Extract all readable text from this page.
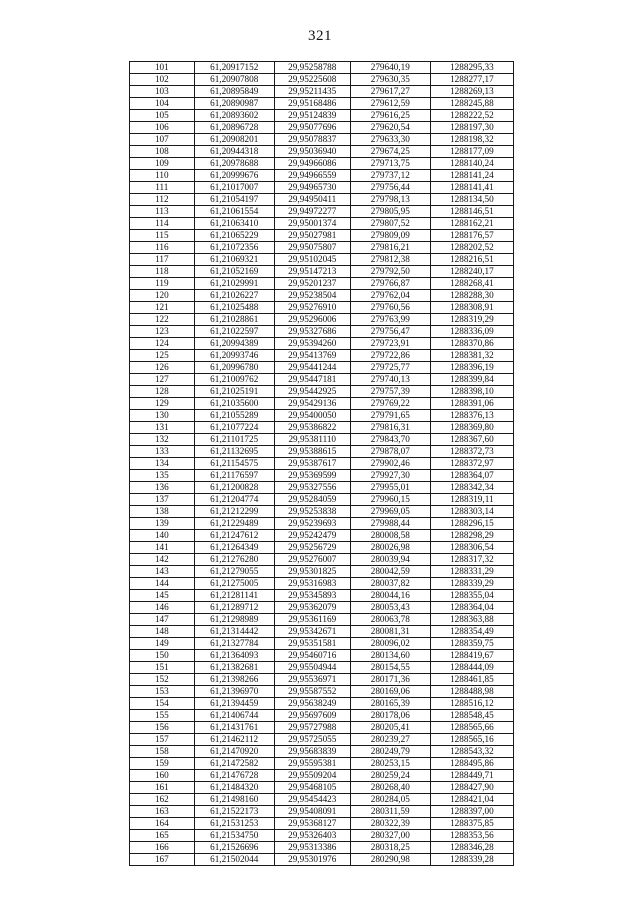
321
101	61,20917152	29,95258788	279640,19	1288295,33
102	61,20907808	29,95225608	279630,35	1288277,17
103	61,20895849	29,95211435	279617,27	1288269,13
104	61,20890987	29,95168486	279612,59	1288245,88
105	61,20893602	29,95124839	279616,25	1288222,52
106	61,20896728	29,95077696	279620,54	1288197,30
107	61,20908201	29,95078837	279633,30	1288198,32
108	61,20944318	29,95036940	279674,25	1288177,09
109	61,20978688	29,94966086	279713,75	1288140,24
110	61,20999676	29,94966559	279737,12	1288141,24
111	61,21017007	29,94965730	279756,44	1288141,41
112	61,21054197	29,94950411	279798,13	1288134,50
113	61,21061554	29,94972277	279805,95	1288146,51
114	61,21063410	29,95001374	279807,52	1288162,21
115	61,21065229	29,95027981	279809,09	1288176,57
116	61,21072356	29,95075807	279816,21	1288202,52
117	61,21069321	29,95102045	279812,38	1288216,51
118	61,21052169	29,95147213	279792,50	1288240,17
119	61,21029991	29,95201237	279766,87	1288268,41
120	61,21026227	29,95238504	279762,04	1288288,30
121	61,21025488	29,95276910	279760,56	1288308,91
122	61,21028861	29,95296006	279763,99	1288319,29
123	61,21022597	29,95327686	279756,47	1288336,09
124	61,20994389	29,95394260	279723,91	1288370,86
125	61,20993746	29,95413769	279722,86	1288381,32
126	61,20996780	29,95441244	279725,77	1288396,19
127	61,21009762	29,95447181	279740,13	1288399,84
128	61,21025191	29,95442925	279757,39	1288398,10
129	61,21035600	29,95429136	279769,22	1288391,06
130	61,21055289	29,95400050	279791,65	1288376,13
131	61,21077224	29,95386822	279816,31	1288369,80
132	61,21101725	29,95381110	279843,70	1288367,60
133	61,21132695	29,95388615	279878,07	1288372,73
134	61,21154575	29,95387617	279902,46	1288372,97
135	61,21176597	29,95369599	279927,30	1288364,07
136	61,21200828	29,95327556	279955,01	1288342,34
137	61,21204774	29,95284059	279960,15	1288319,11
138	61,21212299	29,95253838	279969,05	1288303,14
139	61,21229489	29,95239693	279988,44	1288296,15
140	61,21247612	29,95242479	280008,58	1288298,29
141	61,21264349	29,95256729	280026,98	1288306,54
142	61,21276280	29,95276007	280039,94	1288317,32
143	61,21279055	29,95301825	280042,59	1288331,29
144	61,21275005	29,95316983	280037,82	1288339,29
145	61,21281141	29,95345893	280044,16	1288355,04
146	61,21289712	29,95362079	280053,43	1288364,04
147	61,21298989	29,95361169	280063,78	1288363,88
148	61,21314442	29,95342671	280081,31	1288354,49
149	61,21327784	29,95351581	280096,02	1288359,75
150	61,21364093	29,95460716	280134,60	1288419,67
151	61,21382681	29,95504944	280154,55	1288444,09
152	61,21398266	29,95536971	280171,36	1288461,85
153	61,21396970	29,95587552	280169,06	1288488,98
154	61,21394459	29,95638249	280165,39	1288516,12
155	61,21406744	29,95697609	280178,06	1288548,45
156	61,21431761	29,95727988	280205,41	1288565,66
157	61,21462112	29,95725055	280239,27	1288565,16
158	61,21470920	29,95683839	280249,79	1288543,32
159	61,21472582	29,95595381	280253,15	1288495,86
160	61,21476728	29,95509204	280259,24	1288449,71
161	61,21484320	29,95468105	280268,40	1288427,90
162	61,21498160	29,95454423	280284,05	1288421,04
163	61,21522173	29,95408091	280311,59	1288397,00
164	61,21531253	29,95368127	280322,39	1288375,85
165	61,21534750	29,95326403	280327,00	1288353,56
166	61,21526696	29,95313386	280318,25	1288346,28
167	61,21502044	29,95301976	280290,98	1288339,28
